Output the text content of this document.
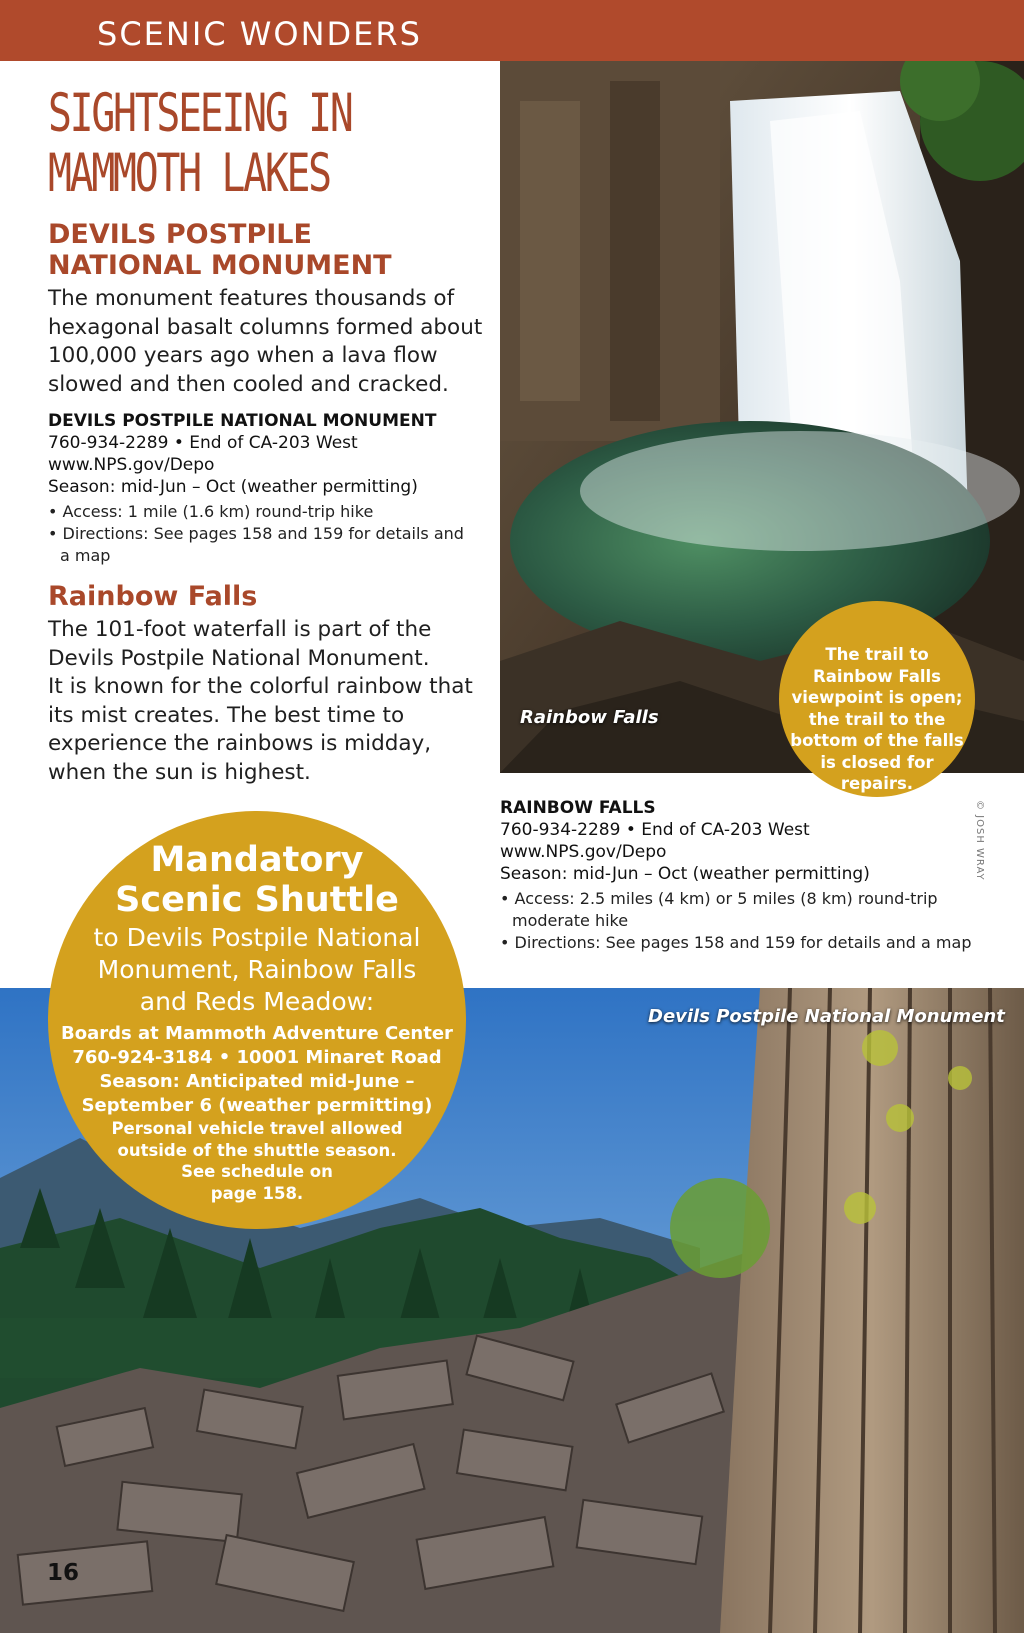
SCENIC WONDERS
SIGHTSEEING IN
MAMMOTH LAKES
DEVILS POSTPILE
NATIONAL MONUMENT
The monument features thousands of
hexagonal basalt columns formed about
100,000 years ago when a lava flow
slowed and then cooled and cracked.
DEVILS POSTPILE NATIONAL MONUMENT
760-934-2289 • End of CA-203 West
www.NPS.gov/Depo
Season: mid-Jun – Oct (weather permitting)
• Access: 1 mile (1.6 km) round-trip hike
• Directions: See pages 158 and 159 for details and a map
Rainbow Falls
The 101-foot waterfall is part of the
Devils Postpile National Monument.
It is known for the colorful rainbow that
its mist creates. The best time to
experience the rainbows is midday,
when the sun is highest.
Rainbow Falls
The trail to
Rainbow Falls
viewpoint is open;
the trail to the
bottom of the falls
is closed for
repairs.
RAINBOW FALLS
760-934-2289 • End of CA-203 West
www.NPS.gov/Depo
Season: mid-Jun – Oct (weather permitting)
• Access: 2.5 miles (4 km) or 5 miles (8 km) round-trip moderate hike
• Directions: See pages 158 and 159 for details and a map
© JOSH WRAY
Devils Postpile National Monument
Mandatory
Scenic Shuttle
to Devils Postpile National
Monument, Rainbow Falls
and Reds Meadow:
Boards at Mammoth Adventure Center
760-924-3184 • 10001 Minaret Road
Season: Anticipated mid-June –
September 6 (weather permitting)
Personal vehicle travel allowed
outside of the shuttle season.
See schedule on
page 158.
16
